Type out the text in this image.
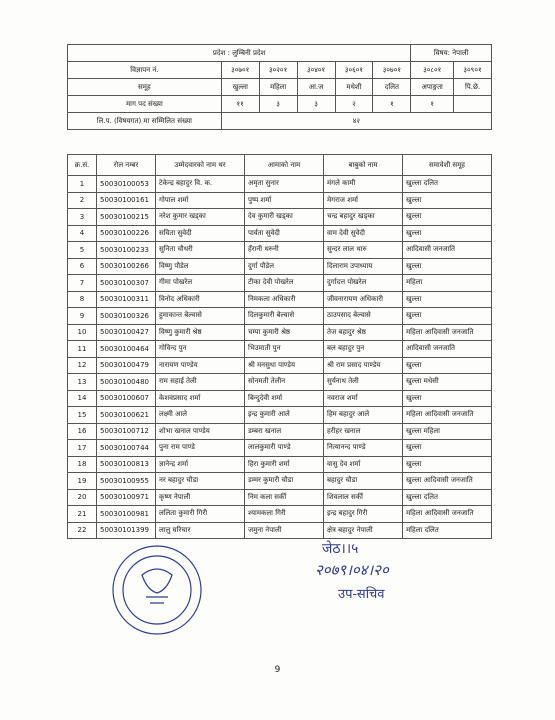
प्रदेश : लुम्बिनी प्रदेश						विषय: नेपाली	
विज्ञापन नं.	३०७०१	३०२०१	३०४०१	३०६०१	३०७०१	३०८०१	३०९०१
समूह	खुल्ला	महिला	आ.ज	मधेशी	दलित	अपाङ्गता	पि.छे.
माग पद संख्या	११	३	३	२	१	१	
लि.प. (विषयगत) मा सम्मिलित संख्या	४२						
क्र.सं.	रोल नम्बर	उम्मेदवारको नाम थर	आमाको नाम	बाबुको नाम	समावेशी समूह
1	50030100053	टेकेन्द्र बहादुर वि. क.	अमृता सुनार	मंगले कामी	खुल्ला दलित
2	50030100161	गोपाल शर्मा	पुष्प शर्मा	मेगराज शर्मा	खुल्ला
3	50030100215	नरेश कुमार खड्का	देव कुमारी खड्का	चन्द्र बहादुर खड्का	खुल्ला
4	50030100226	सविता सुवेदी	पार्वता सुवेदी	वाम देवी सुवेदी	खुल्ला
5	50030100233	सुनिता चौधरी	हँरानी थरुनी	सुन्दर लाल थारु	आदिवासी जनजाति
6	50030100266	विष्णु पौडेल	दुर्गा पौडेल	दिलाराम उपाध्याय	खुल्ला
7	50030100307	गीमा पोखरेल	टीका देवी पोखरेल	दुर्गादत्त पोखरेल	महिला
8	50030100311	विनोद अधिकारी	निमकला अधिकारी	जीवनारायण अधिकारी	खुल्ला
9	50030100326	हुमाकान्त बेल्वासे	दिलकुमारी बेल्वासे	ठाउपसाद बेल्वासे	खुल्ला
10	50030100427	विष्णु कुमारी श्रेष्ठ	चम्पा कुमारी श्रेष्ठ	तेज बहादुर श्रेष्ठ	महिला आदिवासी जनजाति
11	50030100464	गोविन्द पुन	भिउमाती पुन	बल बहादुर पुन	आदिवासी जनजाति
12	50030100479	नारायण पाण्डेय	श्री मनसुधा पाण्डेय	श्री राम प्रसाद पाण्डेय	खुल्ला
13	50030100480	राम सहाई तेली	सोनमती तेलीन	सुर्यनाथ तेली	खुल्ला मधेसी
14	50030100607	केशवप्रसाद शर्मा	बिन्दुदेवी शर्मा	नवराज शर्मा	खुल्ला
15	50030100621	लक्ष्मी आले	इन्द्र कुमारी आले	हिम बहादुर आले	महिला आदिवासी जनजाति
16	50030100712	शोभा खनाल पाण्डेय	डम्बरा खनाल	हरीहर खनाल	खुल्ला महिला
17	50030100744	पुना राम पाण्डे	लालकुमारी पाण्डे	नित्यानन्द पाण्डे	खुल्ला
18	50030100813	ज्ञानेन्द्र शर्मा	हिरा कुमारी शर्मा	वासु देव शर्मा	खुल्ला
19	50030100955	नर बहादुर चौडा	डम्मर कुमारी चौडा	बहादुर चौडा	खुल्ला आदिवासी जनजाति
20	50030100971	कृष्ण नेपाली	निम कला सर्की	शिवलाल सर्की	खुल्ला दलित
21	50030100981	ललिता कुमारी गिरी	श्यामकला गिरी	इन्द्र बहादुर गिरी	महिला आदिवासी जनजाति
22	50030101399	लालु घरिचार	जमुना नेपाली	क्षेत्र बहादुर नेपाली	महिला दलित
जेठ।।५
२०७९।०४।२०
उप-सचिव
9
